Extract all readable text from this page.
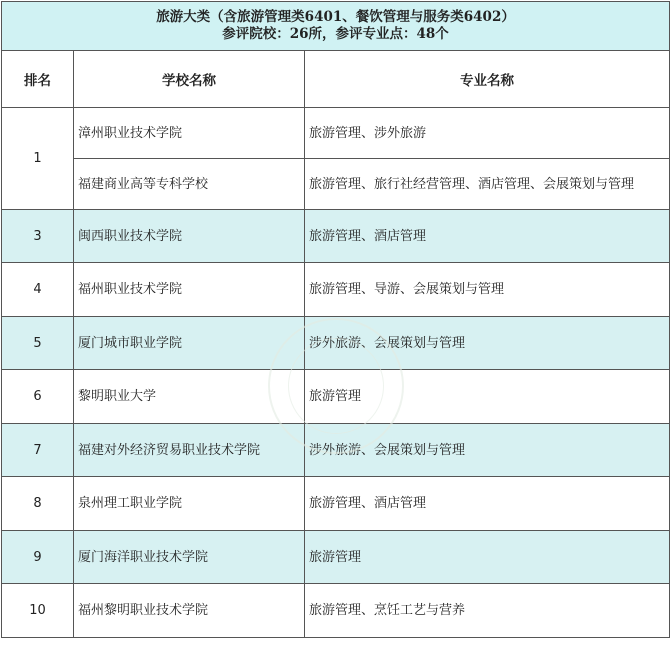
旅游大类（含旅游管理类6401、餐饮管理与服务类6402）
参评院校：26所，参评专业点：48个		

排名	学校名称	专业名称
1	漳州职业技术学院	旅游管理、涉外旅游
	福建商业高等专科学校	旅游管理、旅行社经营管理、酒店管理、会展策划与管理
3	闽西职业技术学院	旅游管理、酒店管理
4	福州职业技术学院	旅游管理、导游、会展策划与管理
5	厦门城市职业学院	涉外旅游、会展策划与管理
6	黎明职业大学	旅游管理
7	福建对外经济贸易职业技术学院	涉外旅游、会展策划与管理
8	泉州理工职业学院	旅游管理、酒店管理
9	厦门海洋职业技术学院	旅游管理
10	福州黎明职业技术学院	旅游管理、烹饪工艺与营养
